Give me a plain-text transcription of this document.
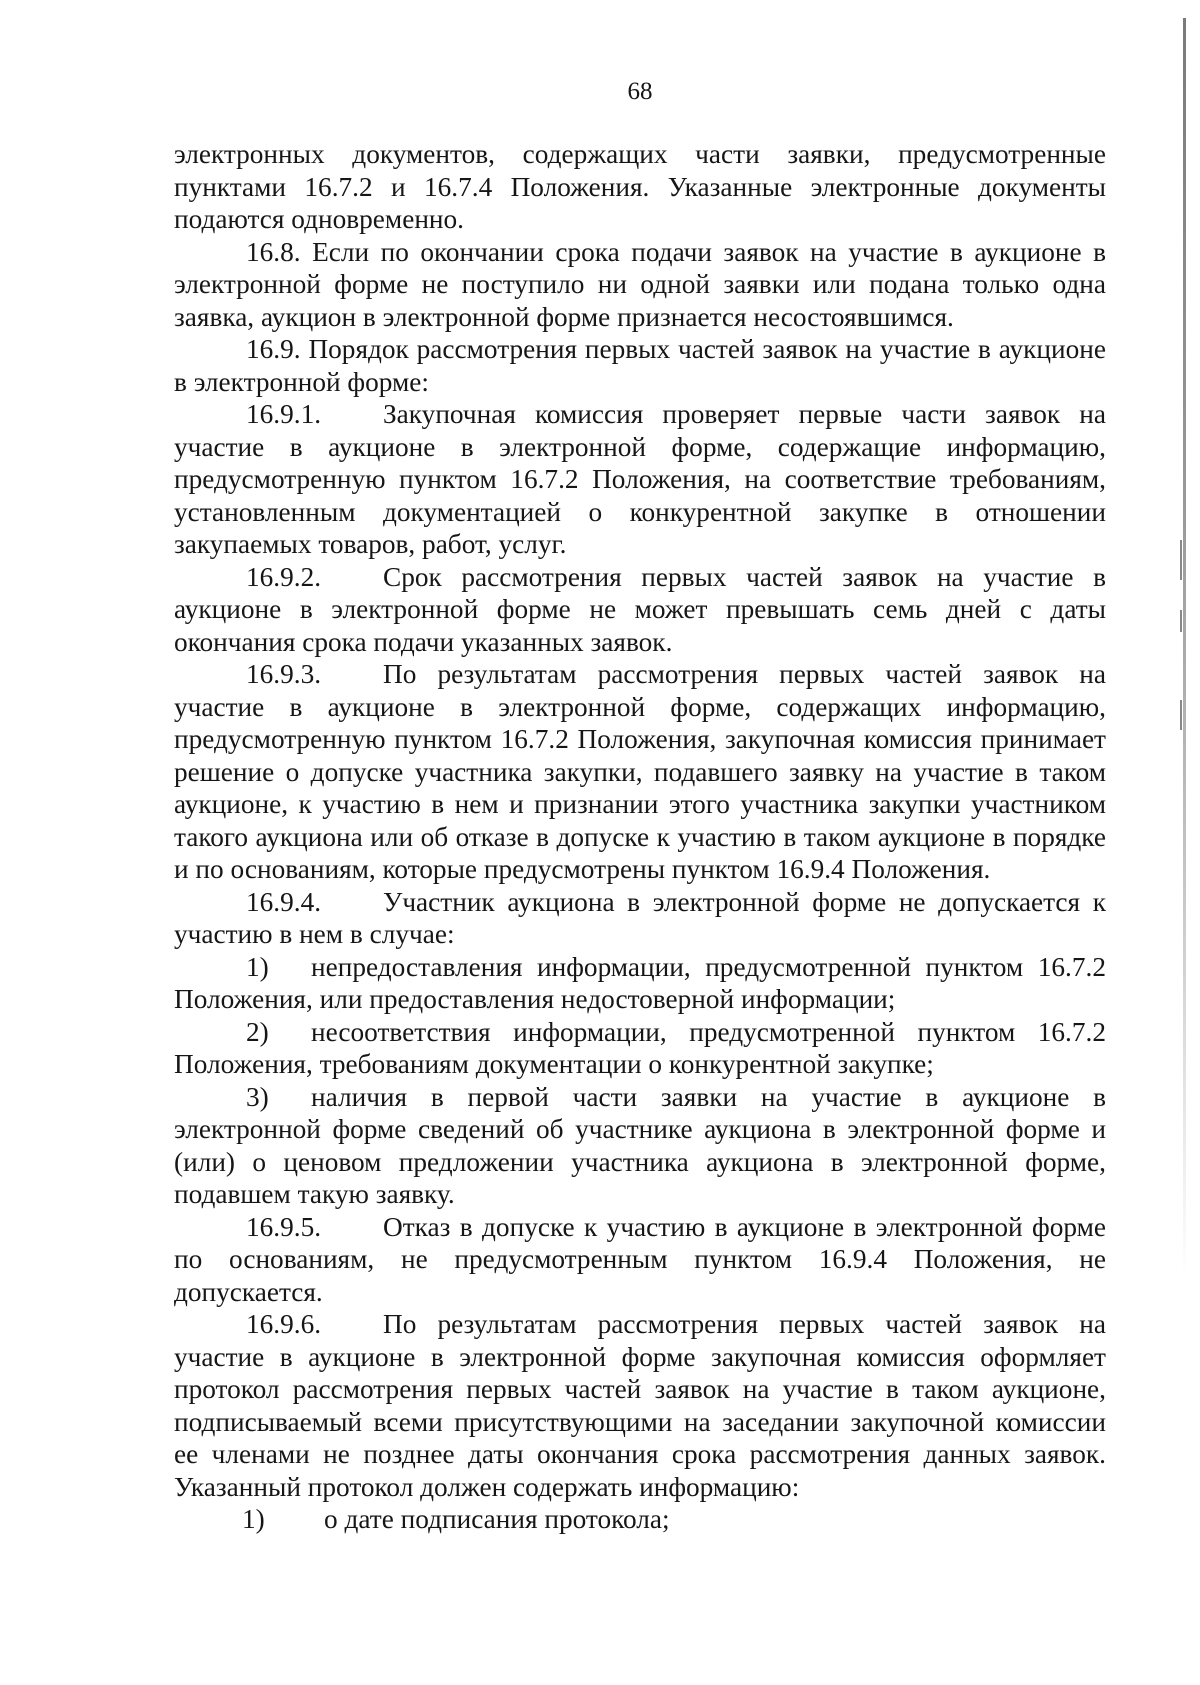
68

электронных документов, содержащих части заявки, предусмотренные пунктами 16.7.2 и 16.7.4 Положения. Указанные электронные документы подаются одновременно.

16.8. Если по окончании срока подачи заявок на участие в аукционе в электронной форме не поступило ни одной заявки или подана только одна заявка, аукцион в электронной форме признается несостоявшимся.

16.9. Порядок рассмотрения первых частей заявок на участие в аукционе в электронной форме:

16.9.1. Закупочная комиссия проверяет первые части заявок на участие в аукционе в электронной форме, содержащие информацию, предусмотренную пунктом 16.7.2 Положения, на соответствие требованиям, установленным документацией о конкурентной закупке в отношении закупаемых товаров, работ, услуг.

16.9.2. Срок рассмотрения первых частей заявок на участие в аукционе в электронной форме не может превышать семь дней с даты окончания срока подачи указанных заявок.

16.9.3. По результатам рассмотрения первых частей заявок на участие в аукционе в электронной форме, содержащих информацию, предусмотренную пунктом 16.7.2 Положения, закупочная комиссия принимает решение о допуске участника закупки, подавшего заявку на участие в таком аукционе, к участию в нем и признании этого участника закупки участником такого аукциона или об отказе в допуске к участию в таком аукционе в порядке и по основаниям, которые предусмотрены пунктом 16.9.4 Положения.

16.9.4. Участник аукциона в электронной форме не допускается к участию в нем в случае:

1) непредоставления информации, предусмотренной пунктом 16.7.2 Положения, или предоставления недостоверной информации;

2) несоответствия информации, предусмотренной пунктом 16.7.2 Положения, требованиям документации о конкурентной закупке;

3) наличия в первой части заявки на участие в аукционе в электронной форме сведений об участнике аукциона в электронной форме и (или) о ценовом предложении участника аукциона в электронной форме, подавшем такую заявку.

16.9.5. Отказ в допуске к участию в аукционе в электронной форме по основаниям, не предусмотренным пунктом 16.9.4 Положения, не допускается.

16.9.6. По результатам рассмотрения первых частей заявок на участие в аукционе в электронной форме закупочная комиссия оформляет протокол рассмотрения первых частей заявок на участие в таком аукционе, подписываемый всеми присутствующими на заседании закупочной комиссии ее членами не позднее даты окончания срока рассмотрения данных заявок. Указанный протокол должен содержать информацию:

1) о дате подписания протокола;
